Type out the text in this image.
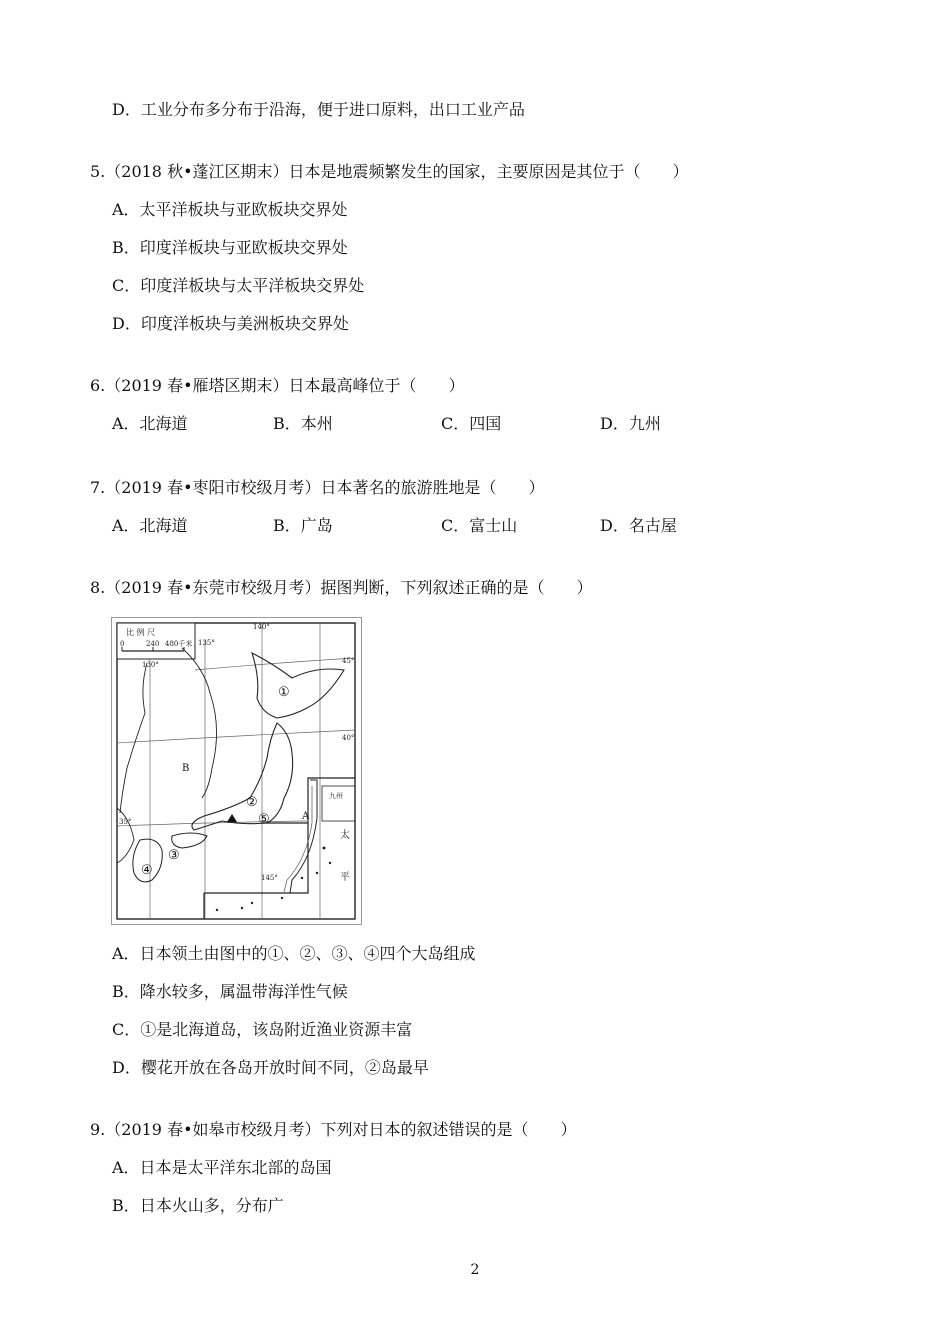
D．工业分布多分布于沿海，便于进口原料，出口工业产品
5.（2018 秋•蓬江区期末）日本是地震频繁发生的国家，主要原因是其位于（　　）
A．太平洋板块与亚欧板块交界处
B．印度洋板块与亚欧板块交界处
C．印度洋板块与太平洋板块交界处
D．印度洋板块与美洲板块交界处
6.（2019 春•雁塔区期末）日本最高峰位于（　　）
A．北海道	B．本州	C．四国	D．九州
7.（2019 春•枣阳市校级月考）日本著名的旅游胜地是（　　）
A．北海道	B．广岛	C．富士山	D．名古屋
8.（2019 春•东莞市校级月考）据图判断，下列叙述正确的是（　　）
比 例 尺
0	240 480千米
130°
135°
140°
145°
45°
40°
35°
B
A
①
②
③
④
⑤
九州
太
平
A．日本领土由图中的①、②、③、④四个大岛组成
B．降水较多，属温带海洋性气候
C．①是北海道岛，该岛附近渔业资源丰富
D．樱花开放在各岛开放时间不同，②岛最早
9.（2019 春•如皋市校级月考）下列对日本的叙述错误的是（　　）
A．日本是太平洋东北部的岛国
B．日本火山多，分布广
2
